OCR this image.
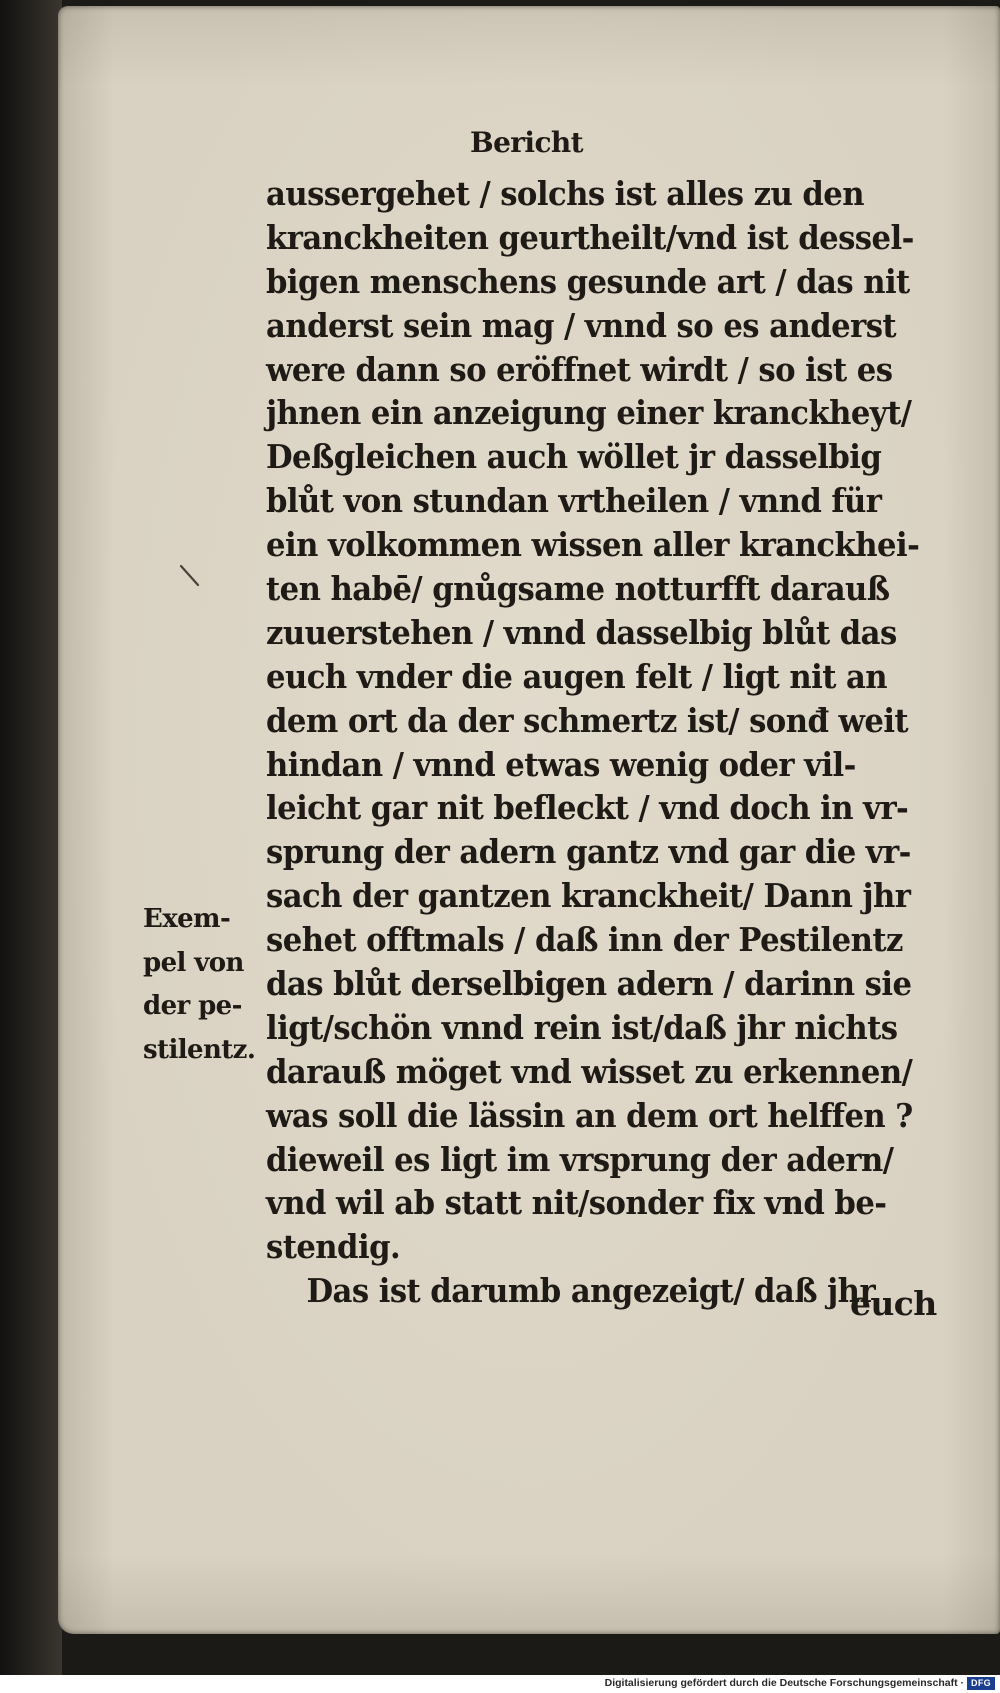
Bericht
aussergehet / solchs ist alles zu den
kranckheiten geurtheilt/vnd ist dessel-
bigen menschens gesunde art / das nit
anderst sein mag / vnnd so es anderst
were dann so eröffnet wirdt / so ist es
jhnen ein anzeigung einer kranckheyt/
Deßgleichen auch wöllet jr dasselbig
blůt von stundan vrtheilen / vnnd für
ein volkommen wissen aller kranckhei-
ten habē/ gnůgsame notturfft darauß
zuuerstehen / vnnd dasselbig blůt das
euch vnder die augen felt / ligt nit an
dem ort da der schmertz ist/ sonđ weit
hindan / vnnd etwas wenig oder vil-
leicht gar nit befleckt / vnd doch in vr-
sprung der adern gantz vnd gar die vr-
sach der gantzen kranckheit/ Dann jhr
sehet offtmals / daß inn der Pestilentz
das blůt derselbigen adern / darinn sie
ligt/schön vnnd rein ist/daß jhr nichts
darauß möget vnd wisset zu erkennen/
was soll die lässin an dem ort helffen ?
dieweil es ligt im vrsprung der adern/
vnd wil ab statt nit/sonder fix vnd be-
stendig.
Das ist darumb angezeigt/ daß jhr
euch
Exem-
pel von
der pe-
stilentz.
Digitalisierung gefördert durch die Deutsche Forschungsgemeinschaft · DFG
